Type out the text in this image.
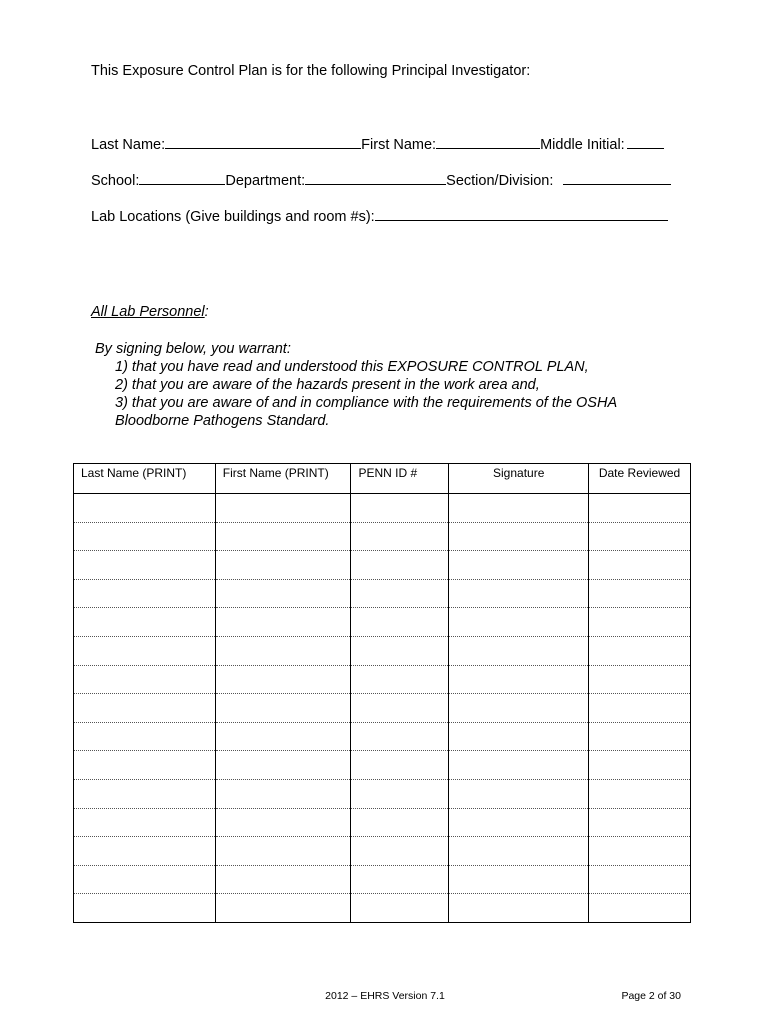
This Exposure Control Plan is for the following Principal Investigator:
Last Name:	First Name:	Middle Initial:
School:	Department:	Section/Division:
Lab Locations (Give buildings and room #s):
All Lab Personnel:
By signing below, you warrant:
1) that you have read and understood this EXPOSURE CONTROL PLAN,
2) that you are aware of the hazards present in the work area and,
3) that you are aware of and in compliance with the requirements of the OSHA
Bloodborne Pathogens Standard.
Last Name (PRINT)	First Name (PRINT)	PENN ID #	Signature	Date Reviewed

2012 – EHRS Version 7.1	Page 2 of 30
